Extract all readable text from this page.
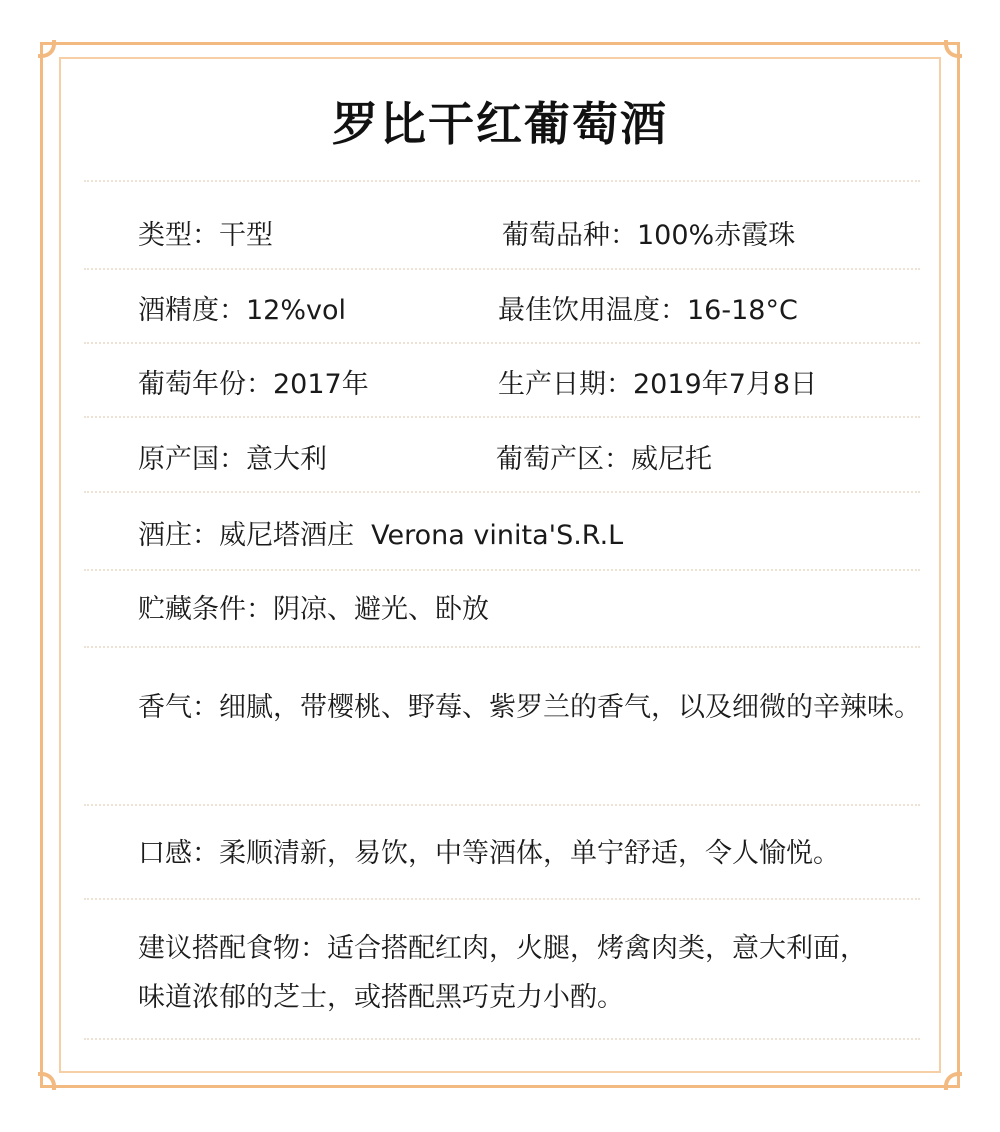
罗比干红葡萄酒
类型：干型	葡萄品种：100%赤霞珠
酒精度：12%vol	最佳饮用温度：16-18°C
葡萄年份：2017年	生产日期：2019年7月8日
原产国：意大利	葡萄产区：威尼托
酒庄：威尼塔酒庄  Verona vinita'S.R.L
贮藏条件：阴凉、避光、卧放
香气：细腻，带樱桃、野莓、紫罗兰的香气，以及细微的辛辣味。
口感：柔顺清新，易饮，中等酒体，单宁舒适，令人愉悦。
建议搭配食物：适合搭配红肉，火腿，烤禽肉类，意大利面，味道浓郁的芝士，或搭配黑巧克力小酌。
